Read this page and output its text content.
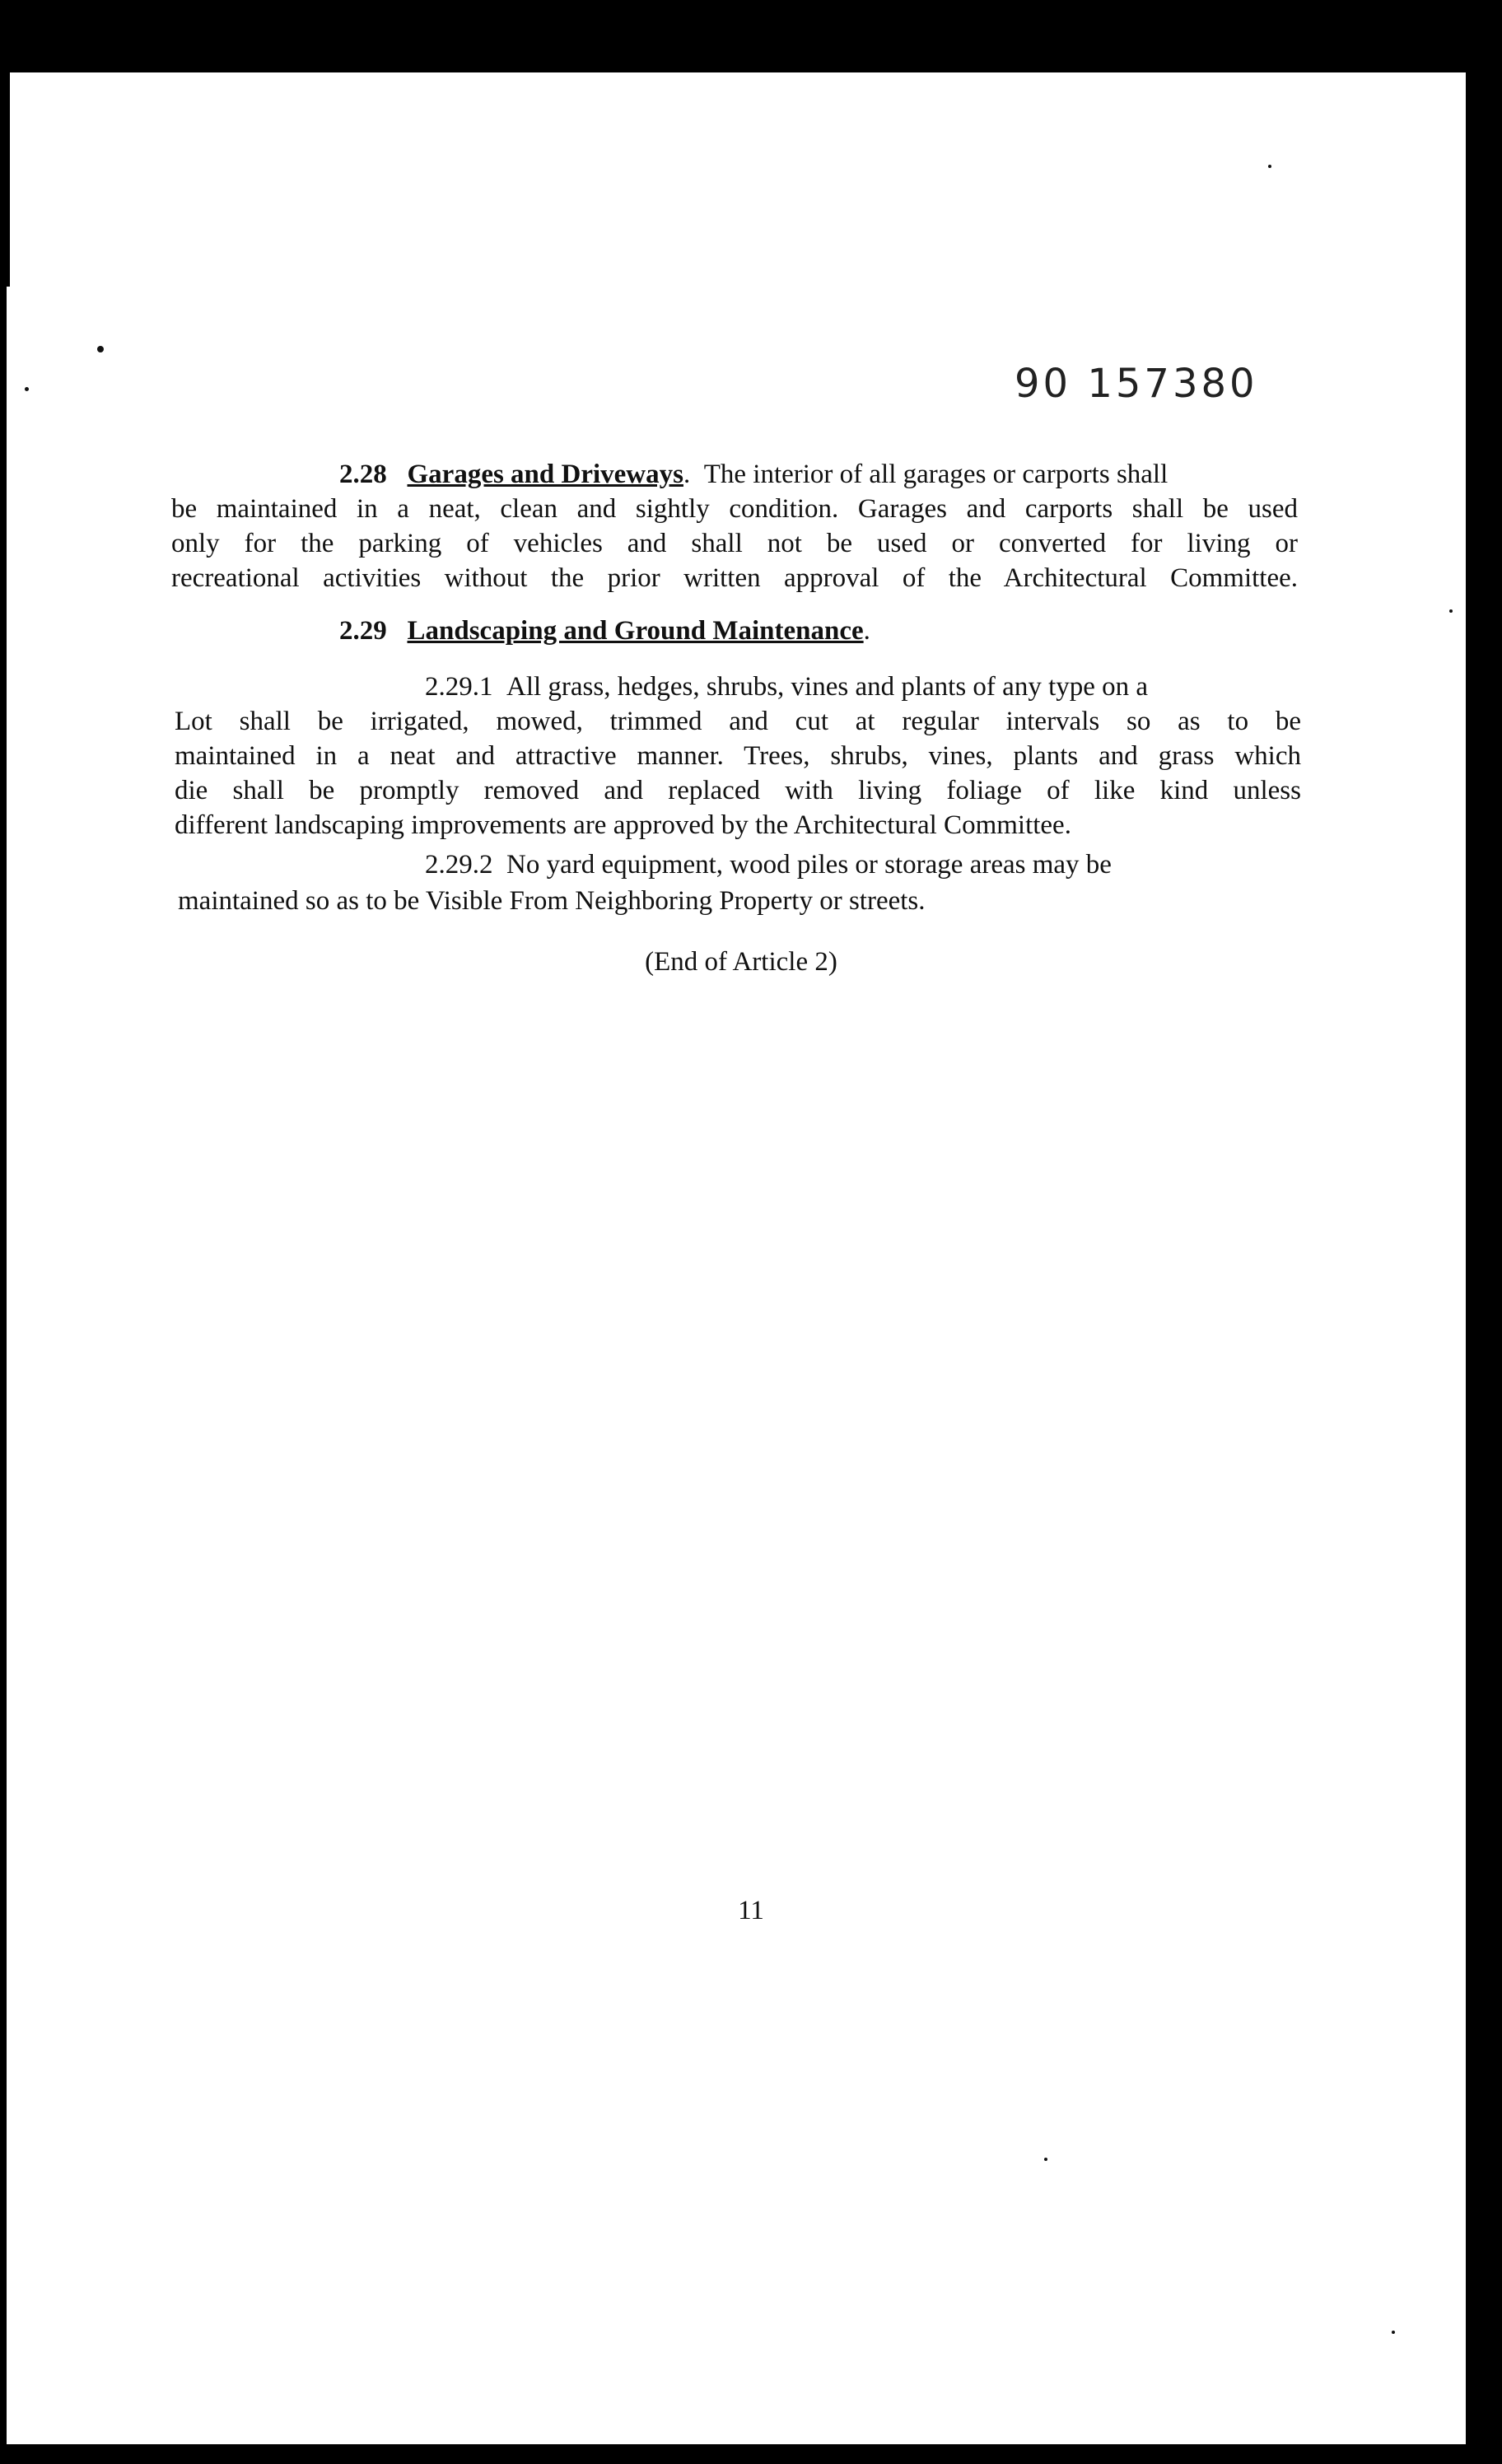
90 157380
2.28 Garages and Driveways. The interior of all garages or carports shall
be maintained in a neat, clean and sightly condition. Garages and carports shall be used
only for the parking of vehicles and shall not be used or converted for living or
recreational activities without the prior written approval of the Architectural Committee.
2.29 Landscaping and Ground Maintenance.
2.29.1 All grass, hedges, shrubs, vines and plants of any type on a
Lot shall be irrigated, mowed, trimmed and cut at regular intervals so as to be
maintained in a neat and attractive manner. Trees, shrubs, vines, plants and grass which
die shall be promptly removed and replaced with living foliage of like kind unless
different landscaping improvements are approved by the Architectural Committee.
2.29.2 No yard equipment, wood piles or storage areas may be
maintained so as to be Visible From Neighboring Property or streets.
(End of Article 2)
11
